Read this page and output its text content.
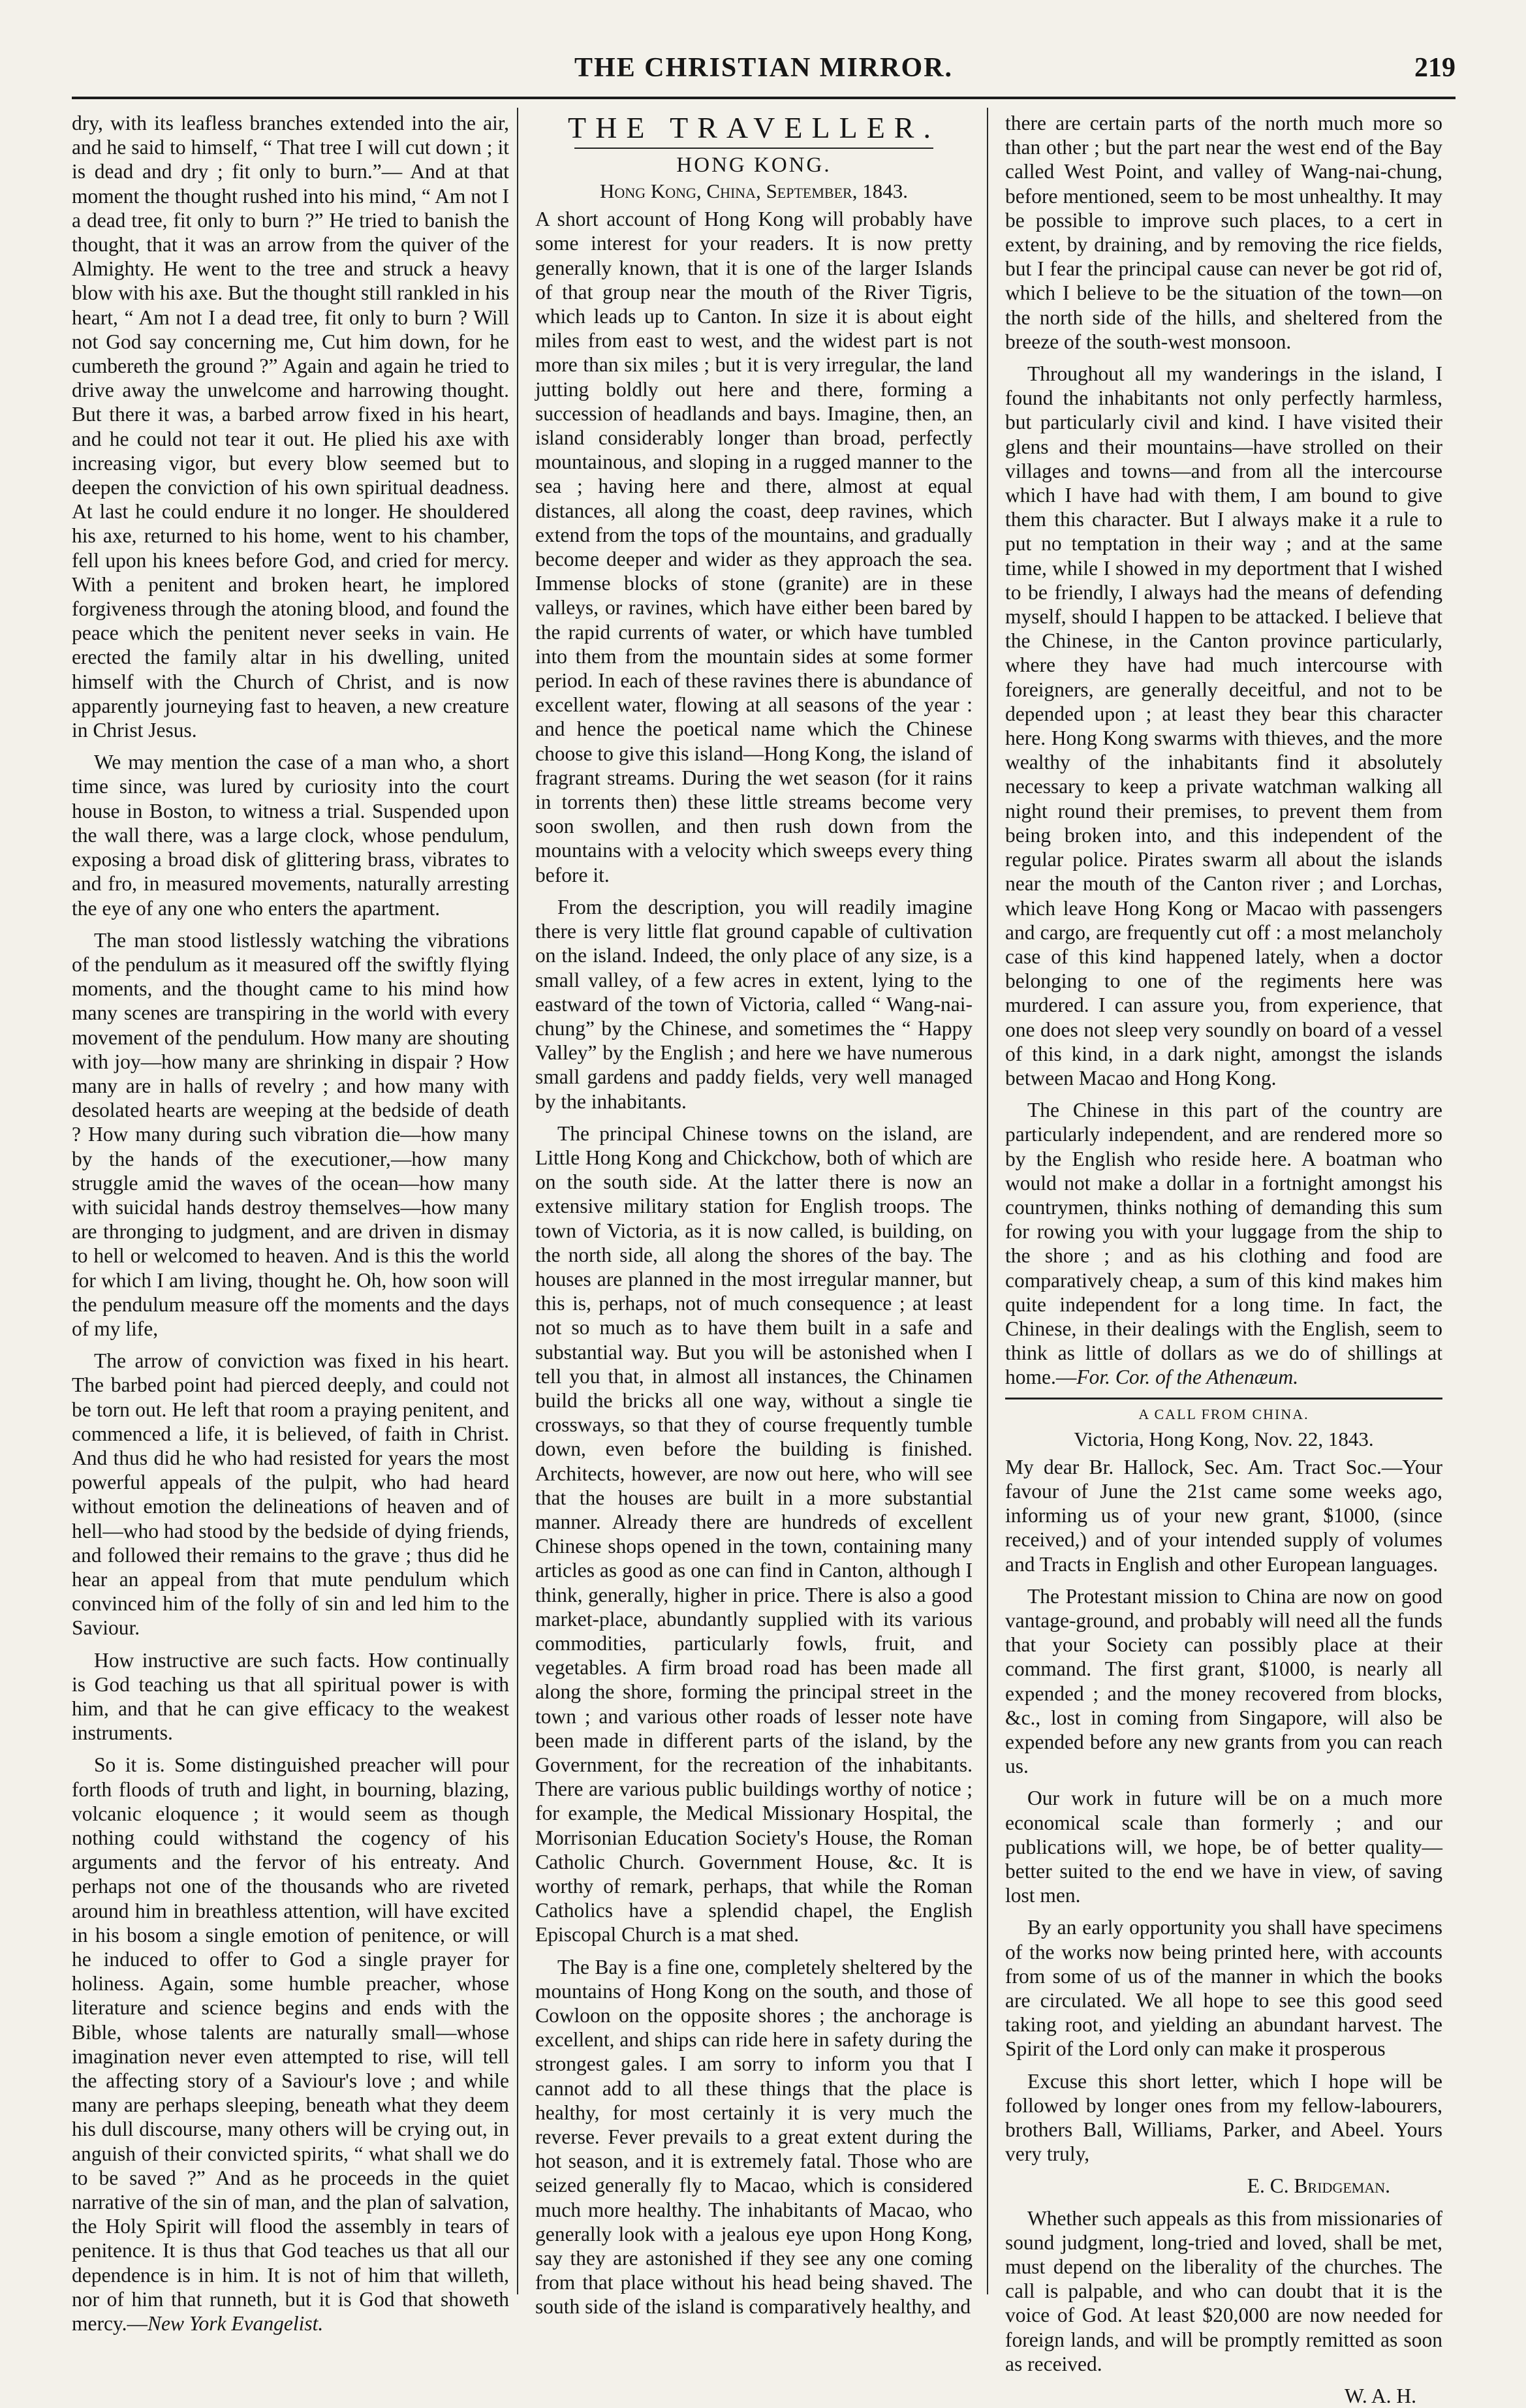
THE CHRISTIAN MIRROR.	219

dry, with its leafless branches extended into the air, and he said to himself, “ That tree I will cut down ; it is dead and dry ; fit only to burn.”— And at that moment the thought rushed into his mind, “ Am not I a dead tree, fit only to burn ?” He tried to banish the thought, that it was an arrow from the quiver of the Almighty. He went to the tree and struck a heavy blow with his axe. But the thought still rankled in his heart, “ Am not I a dead tree, fit only to burn ? Will not God say concerning me, Cut him down, for he cumbereth the ground ?” Again and again he tried to drive away the unwelcome and harrowing thought. But there it was, a barbed arrow fixed in his heart, and he could not tear it out. He plied his axe with increasing vigor, but every blow seemed but to deepen the conviction of his own spiritual deadness. At last he could endure it no longer. He shouldered his axe, returned to his home, went to his chamber, fell upon his knees before God, and cried for mercy. With a penitent and broken heart, he implored forgiveness through the atoning blood, and found the peace which the penitent never seeks in vain. He erected the family altar in his dwelling, united himself with the Church of Christ, and is now apparently journeying fast to heaven, a new creature in Christ Jesus.

We may mention the case of a man who, a short time since, was lured by curiosity into the court house in Boston, to witness a trial. Suspended upon the wall there, was a large clock, whose pendulum, exposing a broad disk of glittering brass, vibrates to and fro, in measured movements, naturally arresting the eye of any one who enters the apartment.

The man stood listlessly watching the vibrations of the pendulum as it measured off the swiftly flying moments, and the thought came to his mind how many scenes are transpiring in the world with every movement of the pendulum. How many are shouting with joy—how many are shrinking in dispair ? How many are in halls of revelry ; and how many with desolated hearts are weeping at the bedside of death ? How many during such vibration die—how many by the hands of the executioner,—how many struggle amid the waves of the ocean—how many with suicidal hands destroy themselves—how many are thronging to judgment, and are driven in dismay to hell or welcomed to heaven. And is this the world for which I am living, thought he. Oh, how soon will the pendulum measure off the moments and the days of my life,

The arrow of conviction was fixed in his heart. The barbed point had pierced deeply, and could not be torn out. He left that room a praying penitent, and commenced a life, it is believed, of faith in Christ. And thus did he who had resisted for years the most powerful appeals of the pulpit, who had heard without emotion the delineations of heaven and of hell—who had stood by the bedside of dying friends, and followed their remains to the grave ; thus did he hear an appeal from that mute pendulum which convinced him of the folly of sin and led him to the Saviour.

How instructive are such facts. How continually is God teaching us that all spiritual power is with him, and that he can give efficacy to the weakest instruments.

So it is. Some distinguished preacher will pour forth floods of truth and light, in bourning, blazing, volcanic eloquence ; it would seem as though nothing could withstand the cogency of his arguments and the fervor of his entreaty. And perhaps not one of the thousands who are riveted around him in breathless attention, will have excited in his bosom a single emotion of penitence, or will he induced to offer to God a single prayer for holiness. Again, some humble preacher, whose literature and science begins and ends with the Bible, whose talents are naturally small—whose imagination never even attempted to rise, will tell the affecting story of a Saviour's love ; and while many are perhaps sleeping, beneath what they deem his dull discourse, many others will be crying out, in anguish of their convicted spirits, “ what shall we do to be saved ?” And as he proceeds in the quiet narrative of the sin of man, and the plan of salvation, the Holy Spirit will flood the assembly in tears of penitence. It is thus that God teaches us that all our dependence is in him. It is not of him that willeth, nor of him that runneth, but it is God that showeth mercy.—New York Evangelist.

THE TRAVELLER.
HONG KONG.
Hong Kong, China, September, 1843.

A short account of Hong Kong will probably have some interest for your readers. It is now pretty generally known, that it is one of the larger Islands of that group near the mouth of the River Tigris, which leads up to Canton. In size it is about eight miles from east to west, and the widest part is not more than six miles ; but it is very irregular, the land jutting boldly out here and there, forming a succession of headlands and bays. Imagine, then, an island considerably longer than broad, perfectly mountainous, and sloping in a rugged manner to the sea ; having here and there, almost at equal distances, all along the coast, deep ravines, which extend from the tops of the mountains, and gradually become deeper and wider as they approach the sea. Immense blocks of stone (granite) are in these valleys, or ravines, which have either been bared by the rapid currents of water, or which have tumbled into them from the mountain sides at some former period. In each of these ravines there is abundance of excellent water, flowing at all seasons of the year : and hence the poetical name which the Chinese choose to give this island—Hong Kong, the island of fragrant streams. During the wet season (for it rains in torrents then) these little streams become very soon swollen, and then rush down from the mountains with a velocity which sweeps every thing before it.

From the description, you will readily imagine there is very little flat ground capable of cultivation on the island. Indeed, the only place of any size, is a small valley, of a few acres in extent, lying to the eastward of the town of Victoria, called “ Wang-nai-chung” by the Chinese, and sometimes the “ Happy Valley” by the English ; and here we have numerous small gardens and paddy fields, very well managed by the inhabitants.

The principal Chinese towns on the island, are Little Hong Kong and Chickchow, both of which are on the south side. At the latter there is now an extensive military station for English troops. The town of Victoria, as it is now called, is building, on the north side, all along the shores of the bay. The houses are planned in the most irregular manner, but this is, perhaps, not of much consequence ; at least not so much as to have them built in a safe and substantial way. But you will be astonished when I tell you that, in almost all instances, the Chinamen build the bricks all one way, without a single tie crossways, so that they of course frequently tumble down, even before the building is finished. Architects, however, are now out here, who will see that the houses are built in a more substantial manner. Already there are hundreds of excellent Chinese shops opened in the town, containing many articles as good as one can find in Canton, although I think, generally, higher in price. There is also a good market-place, abundantly supplied with its various commodities, particularly fowls, fruit, and vegetables. A firm broad road has been made all along the shore, forming the principal street in the town ; and various other roads of lesser note have been made in different parts of the island, by the Government, for the recreation of the inhabitants. There are various public buildings worthy of notice ; for example, the Medical Missionary Hospital, the Morrisonian Education Society's House, the Roman Catholic Church. Government House, &c. It is worthy of remark, perhaps, that while the Roman Catholics have a splendid chapel, the English Episcopal Church is a mat shed.

The Bay is a fine one, completely sheltered by the mountains of Hong Kong on the south, and those of Cowloon on the opposite shores ; the anchorage is excellent, and ships can ride here in safety during the strongest gales. I am sorry to inform you that I cannot add to all these things that the place is healthy, for most certainly it is very much the reverse. Fever prevails to a great extent during the hot season, and it is extremely fatal. Those who are seized generally fly to Macao, which is considered much more healthy. The inhabitants of Macao, who generally look with a jealous eye upon Hong Kong, say they are astonished if they see any one coming from that place without his head being shaved. The south side of the island is comparatively healthy, and

there are certain parts of the north much more so than other ; but the part near the west end of the Bay called West Point, and valley of Wang-nai-chung, before mentioned, seem to be most unhealthy. It may be possible to improve such places, to a cert in extent, by draining, and by removing the rice fields, but I fear the principal cause can never be got rid of, which I believe to be the situation of the town—on the north side of the hills, and sheltered from the breeze of the south-west monsoon.

Throughout all my wanderings in the island, I found the inhabitants not only perfectly harmless, but particularly civil and kind. I have visited their glens and their mountains—have strolled on their villages and towns—and from all the intercourse which I have had with them, I am bound to give them this character. But I always make it a rule to put no temptation in their way ; and at the same time, while I showed in my deportment that I wished to be friendly, I always had the means of defending myself, should I happen to be attacked. I believe that the Chinese, in the Canton province particularly, where they have had much intercourse with foreigners, are generally deceitful, and not to be depended upon ; at least they bear this character here. Hong Kong swarms with thieves, and the more wealthy of the inhabitants find it absolutely necessary to keep a private watchman walking all night round their premises, to prevent them from being broken into, and this independent of the regular police. Pirates swarm all about the islands near the mouth of the Canton river ; and Lorchas, which leave Hong Kong or Macao with passengers and cargo, are frequently cut off : a most melancholy case of this kind happened lately, when a doctor belonging to one of the regiments here was murdered. I can assure you, from experience, that one does not sleep very soundly on board of a vessel of this kind, in a dark night, amongst the islands between Macao and Hong Kong.

The Chinese in this part of the country are particularly independent, and are rendered more so by the English who reside here. A boatman who would not make a dollar in a fortnight amongst his countrymen, thinks nothing of demanding this sum for rowing you with your luggage from the ship to the shore ; and as his clothing and food are comparatively cheap, a sum of this kind makes him quite independent for a long time. In fact, the Chinese, in their dealings with the English, seem to think as little of dollars as we do of shillings at home.—For. Cor. of the Athenæum.

A CALL FROM CHINA.
Victoria, Hong Kong, Nov. 22, 1843.

My dear Br. Hallock, Sec. Am. Tract Soc.—Your favour of June the 21st came some weeks ago, informing us of your new grant, $1000, (since received,) and of your intended supply of volumes and Tracts in English and other European languages.

The Protestant mission to China are now on good vantage-ground, and probably will need all the funds that your Society can possibly place at their command. The first grant, $1000, is nearly all expended ; and the money recovered from blocks, &c., lost in coming from Singapore, will also be expended before any new grants from you can reach us.

Our work in future will be on a much more economical scale than formerly ; and our publications will, we hope, be of better quality—better suited to the end we have in view, of saving lost men.

By an early opportunity you shall have specimens of the works now being printed here, with accounts from some of us of the manner in which the books are circulated. We all hope to see this good seed taking root, and yielding an abundant harvest. The Spirit of the Lord only can make it prosperous

Excuse this short letter, which I hope will be followed by longer ones from my fellow-labourers, brothers Ball, Williams, Parker, and Abeel. Yours very truly,

E. C. Bridgeman.

Whether such appeals as this from missionaries of sound judgment, long-tried and loved, shall be met, must depend on the liberality of the churches. The call is palpable, and who can doubt that it is the voice of God. At least $20,000 are now needed for foreign lands, and will be promptly remitted as soon as received.

W. A. H.
